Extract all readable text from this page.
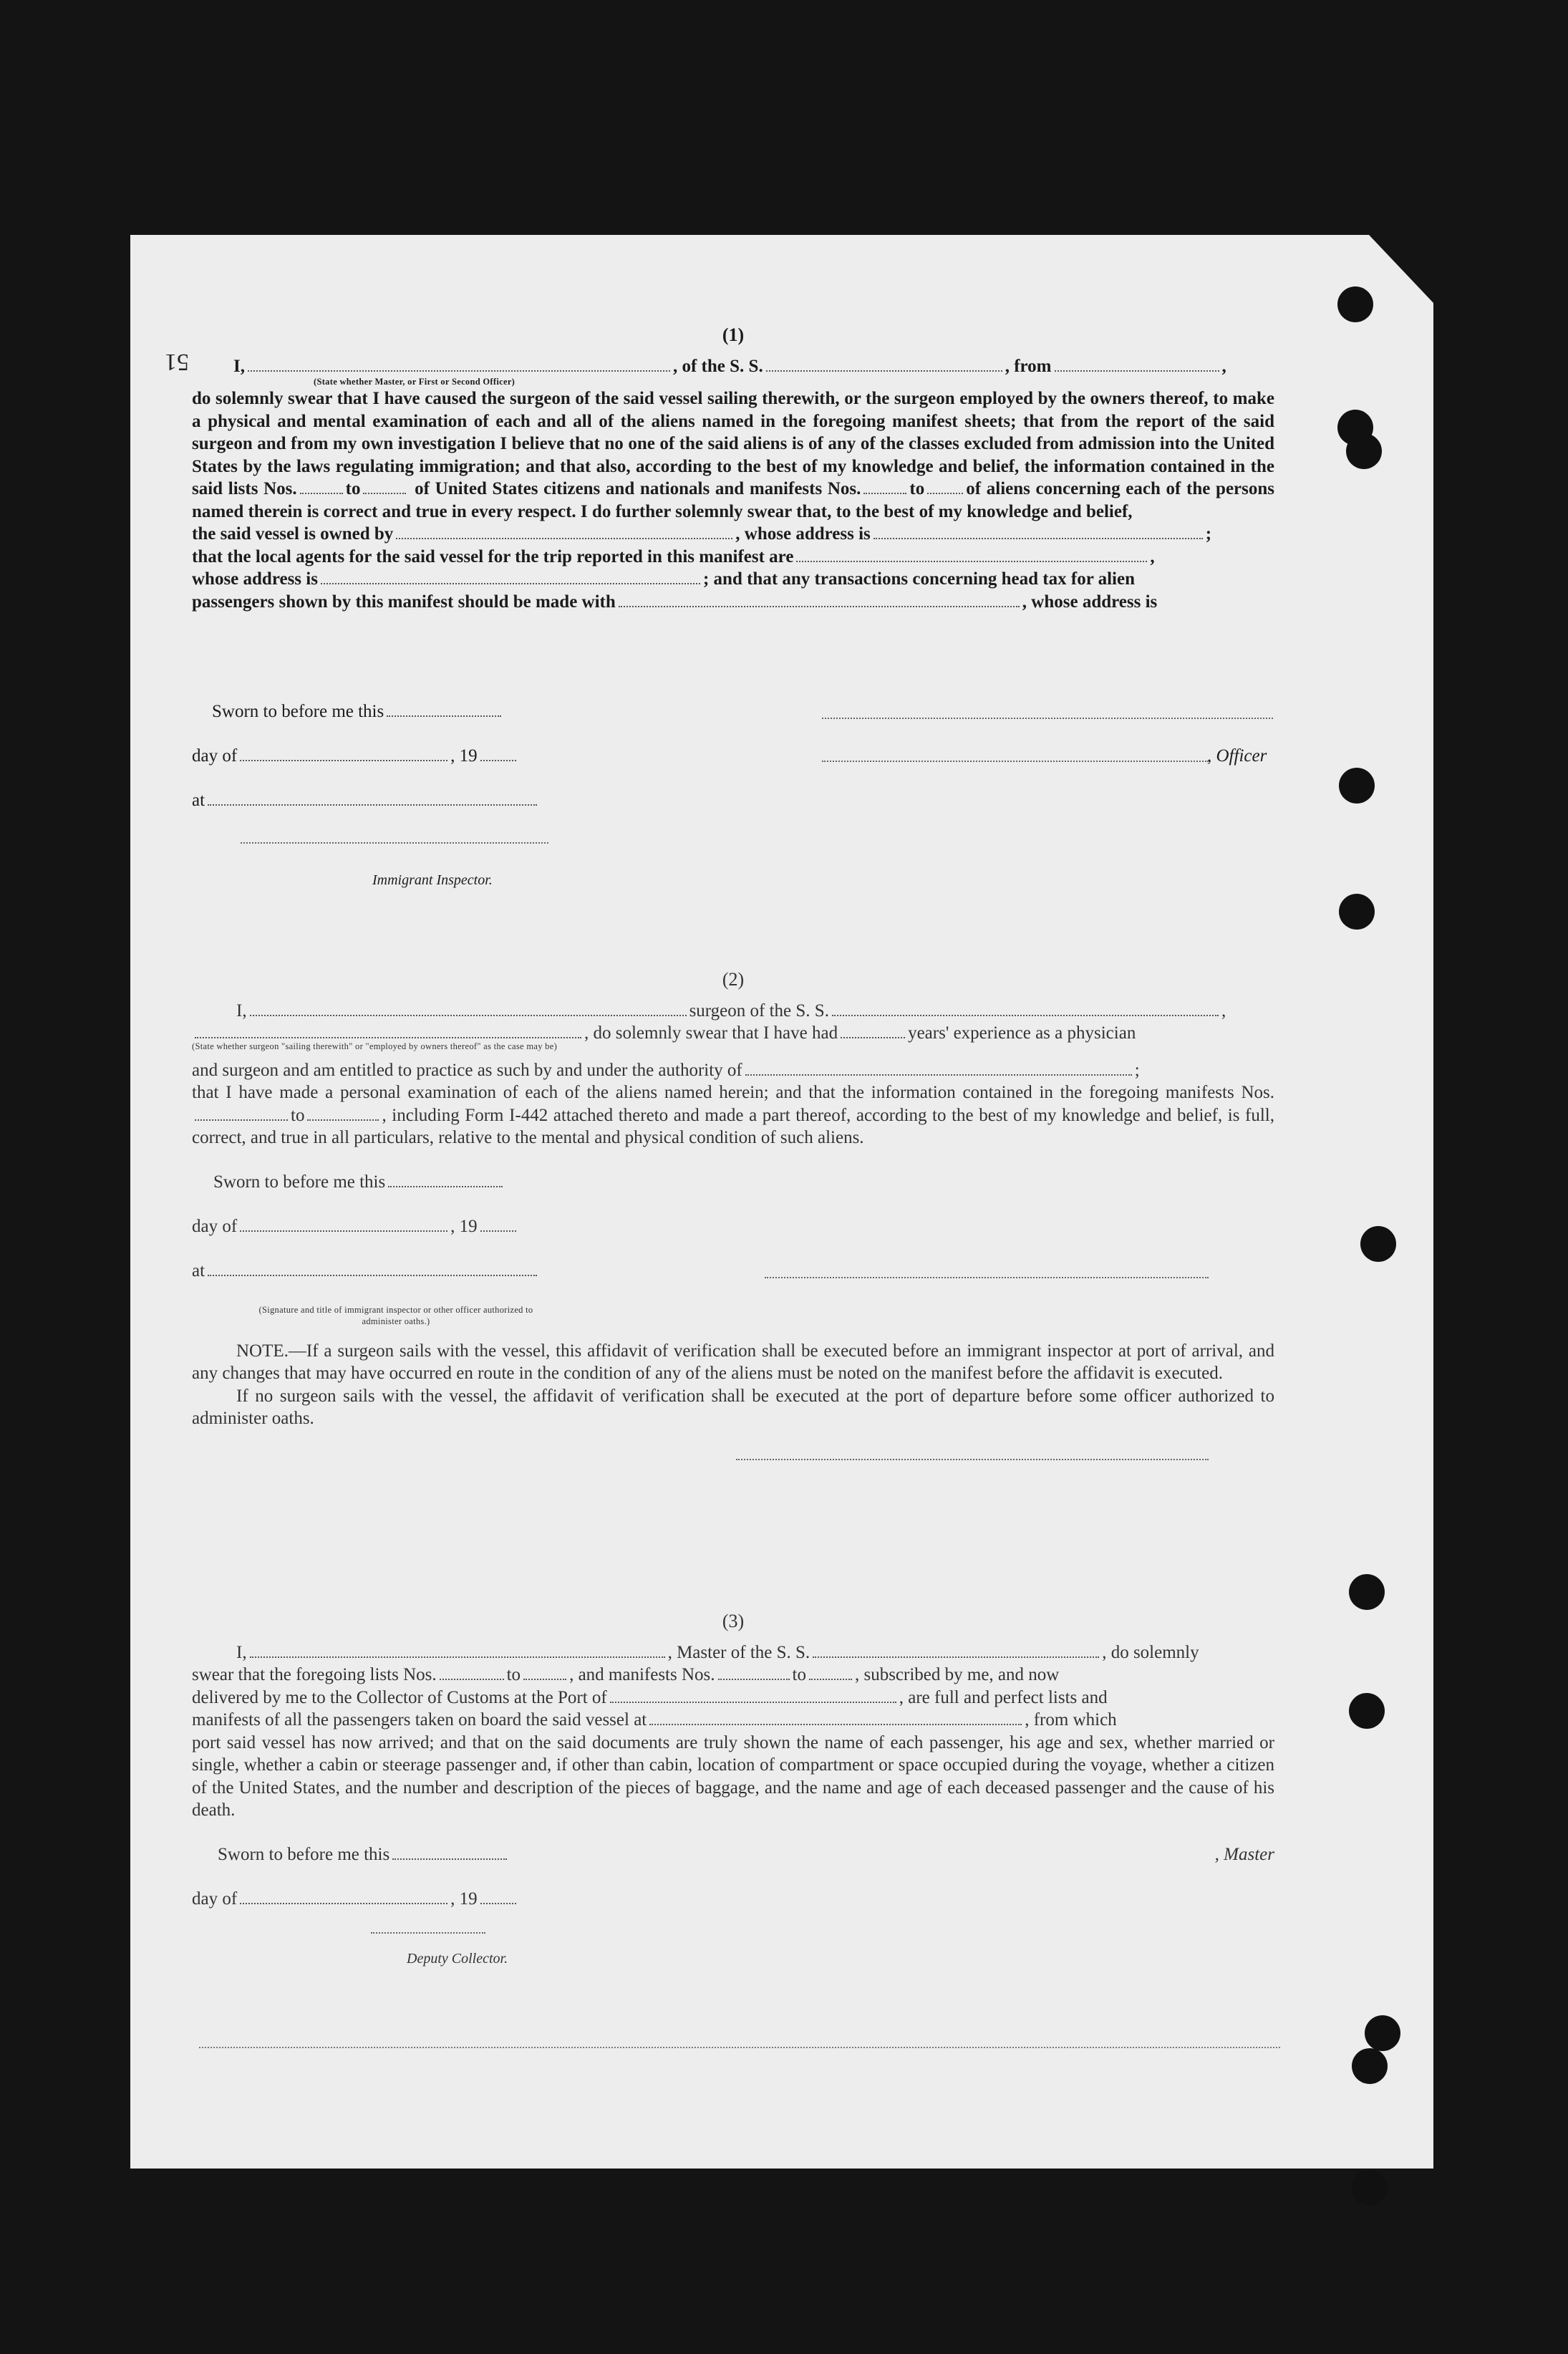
51
(1)

I,	, of the S. S.	, from	,

(State whether Master, or First or Second Officer)

do solemnly swear that I have caused the surgeon of the said vessel sailing therewith, or the surgeon employed by the owners thereof, to make a physical and mental examination of each and all of the aliens named in the foregoing manifest sheets; that from the report of the said surgeon and from my own investigation I believe that no one of the said aliens is of any of the classes excluded from admission into the United States by the laws regulating immigration; and that also, according to the best of my knowledge and belief, the information contained in the said lists Nos.	to	of United States citizens and nationals and manifests Nos.	to of aliens concerning each of the persons named therein is correct and true in every respect. I do further solemnly swear that, to the best of my knowledge and belief,

the said vessel is owned by	, whose address is	;

that the local agents for the said vessel for the trip reported in this manifest are	,

whose address is	; and that any transactions concerning head tax for alien

passengers shown by this manifest should be made with	, whose address is

Sworn to before me this
day of	, 19
at
, Officer
Immigrant Inspector.
(2)

I,	surgeon of the S. S.	,

, do solemnly swear that I have had	years' experience as a physician

(State whether surgeon "sailing therewith" or "employed by owners thereof" as the case may be)

and surgeon and am entitled to practice as such by and under the authority of	;

that I have made a personal examination of each of the aliens named herein; and that the information contained in the foregoing manifests Nos.to	, including Form I-442 attached thereto and made a part thereof, according to the best of my knowledge and belief, is full, correct, and true in all particulars, relative to the mental and physical condition of such aliens.

Sworn to before me this
day of	, 19
at
(Signature and title of immigrant inspector or other officer authorized to administer oaths.)

NOTE.—If a surgeon sails with the vessel, this affidavit of verification shall be executed before an immigrant inspector at port of arrival, and any changes that may have occurred en route in the condition of any of the aliens must be noted on the manifest before the affidavit is executed.

If no surgeon sails with the vessel, the affidavit of verification shall be executed at the port of departure before some officer authorized to administer oaths.

(3)

I,	, Master of the S. S.	, do solemnly

swear that the foregoing lists Nos.	to	, and manifests Nos.	to	, subscribed by me, and now

delivered by me to the Collector of Customs at the Port of	, are full and perfect lists and

manifests of all the passengers taken on board the said vessel at	, from which

port said vessel has now arrived; and that on the said documents are truly shown the name of each passenger, his age and sex, whether married or single, whether a cabin or steerage passenger and, if other than cabin, location of compartment or space occupied during the voyage, whether a citizen of the United States, and the number and description of the pieces of baggage, and the name and age of each deceased passenger and the cause of his death.

Sworn to before me this	, Master
day of	, 19
Deputy Collector.
